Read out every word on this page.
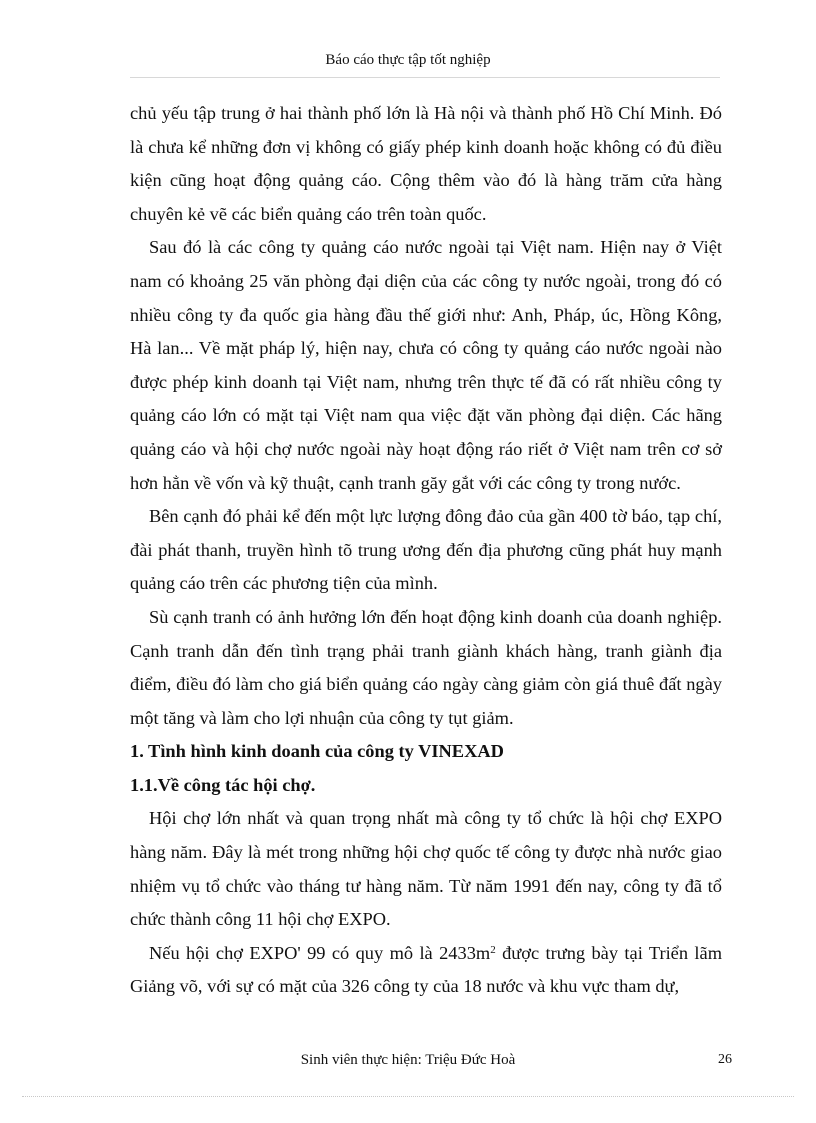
Báo cáo thực tập tốt nghiệp

chủ yếu tập trung ở hai thành phố lớn là Hà nội và thành phố Hồ Chí Minh. Đó là chưa kể những đơn vị không có giấy phép kinh doanh hoặc không có đủ điều kiện cũng hoạt động quảng cáo. Cộng thêm vào đó là hàng trăm cửa hàng chuyên kẻ vẽ các biển quảng cáo trên toàn quốc.

Sau đó là các công ty quảng cáo nước ngoài tại Việt nam. Hiện nay ở Việt nam có khoảng 25 văn phòng đại diện của các công ty nước ngoài, trong đó có nhiều công ty đa quốc gia hàng đầu thế giới như: Anh, Pháp, úc, Hồng Kông, Hà lan... Về mặt pháp lý, hiện nay, chưa có công ty quảng cáo nước ngoài nào được phép kinh doanh tại Việt nam, nhưng trên thực tế đã có rất nhiều công ty quảng cáo lớn có mặt tại Việt nam qua việc đặt văn phòng đại diện. Các hãng quảng cáo và hội chợ nước ngoài này hoạt động ráo riết ở Việt nam trên cơ sở hơn hẳn về vốn và kỹ thuật, cạnh tranh găy gắt với các công ty trong nước.

Bên cạnh đó phải kể đến một lực lượng đông đảo của gần 400 tờ báo, tạp chí, đài phát thanh, truyền hình tõ trung ương đến địa phương cũng phát huy mạnh quảng cáo trên các phương tiện của mình.

Sù cạnh tranh có ảnh hưởng lớn đến hoạt động kinh doanh của doanh nghiệp. Cạnh tranh dẫn đến tình trạng phải tranh giành khách hàng, tranh giành địa điểm, điều đó làm cho giá biển quảng cáo ngày càng giảm còn giá thuê đất ngày một tăng và làm cho lợi nhuận của công ty tụt giảm.

1. Tình hình kinh doanh của công ty VINEXAD
1.1.Về công tác hội chợ.

Hội chợ lớn nhất và quan trọng nhất mà công ty tổ chức là hội chợ EXPO hàng năm. Đây là mét trong những hội chợ quốc tế công ty được nhà nước giao nhiệm vụ tổ chức vào tháng tư hàng năm. Từ năm 1991 đến nay, công ty đã tổ chức thành công 11 hội chợ EXPO.

Nếu hội chợ EXPO' 99 có quy mô là $2433m^2$ được trưng bày tại Triển lãm Giảng võ, với sự có mặt của 326 công ty của 18 nước và khu vực tham dự,

Sinh viên thực hiện: Triệu Đức Hoà	26
